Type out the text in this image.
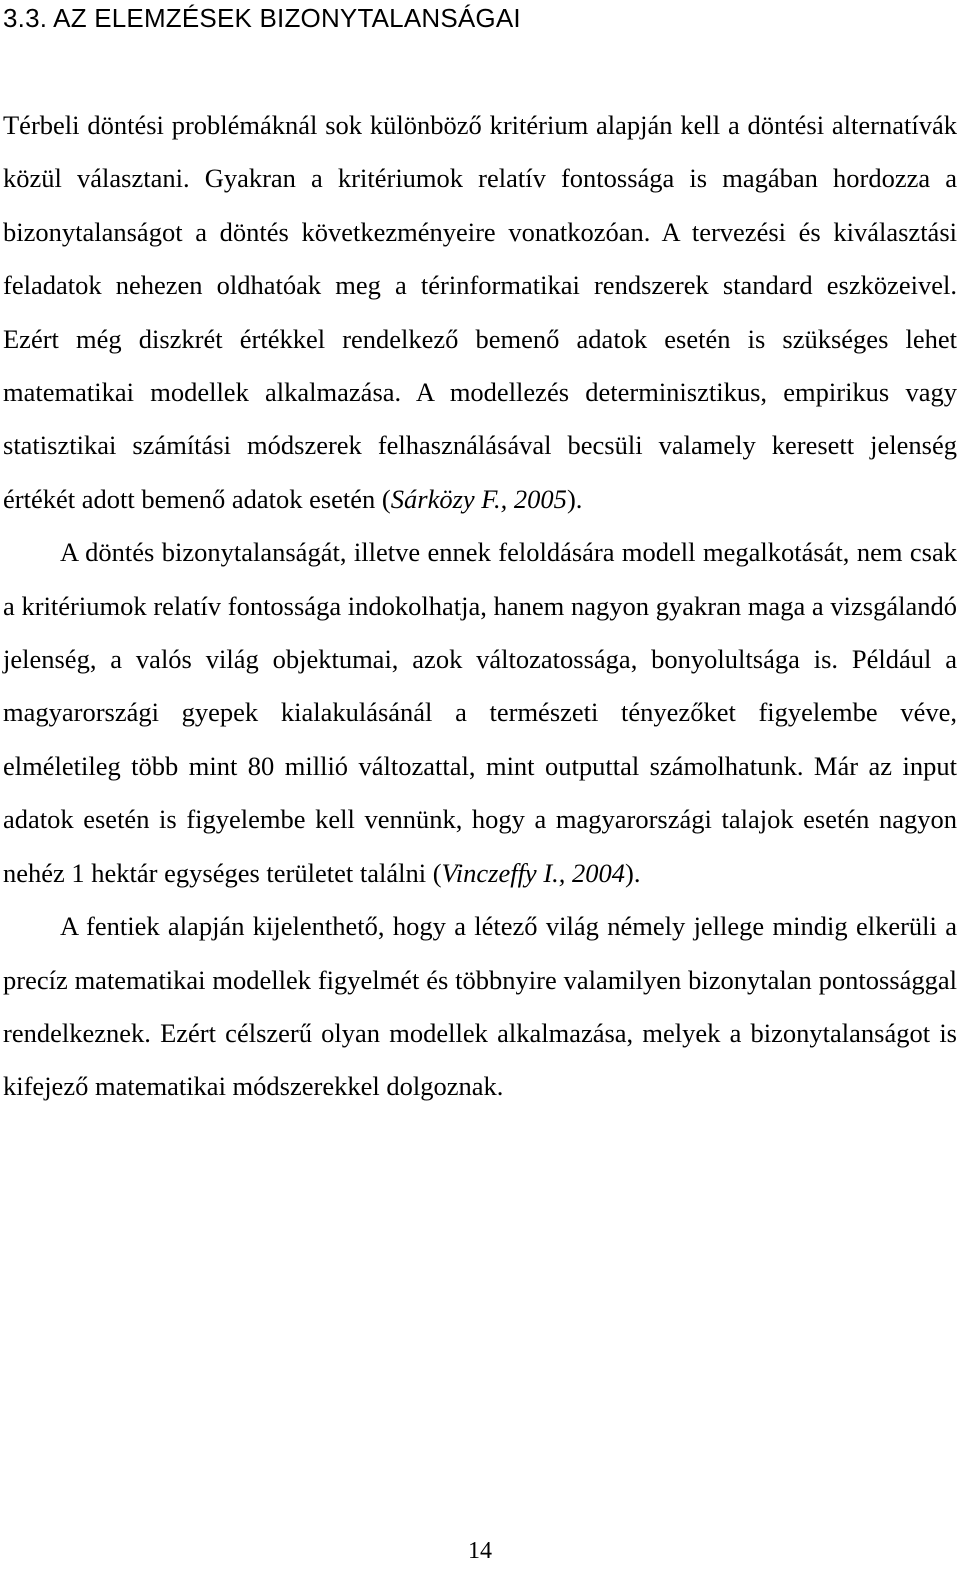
3.3. AZ ELEMZÉSEK BIZONYTALANSÁGAI

Térbeli döntési problémáknál sok különböző kritérium alapján kell a döntési alternatívák közül választani. Gyakran a kritériumok relatív fontossága is magában hordozza a bizonytalanságot a döntés következményeire vonatkozóan. A tervezési és kiválasztási feladatok nehezen oldhatóak meg a térinformatikai rendszerek standard eszközeivel. Ezért még diszkrét értékkel rendelkező bemenő adatok esetén is szükséges lehet matematikai modellek alkalmazása. A modellezés determinisztikus, empirikus vagy statisztikai számítási módszerek felhasználásával becsüli valamely keresett jelenség értékét adott bemenő adatok esetén (Sárközy F., 2005).

A döntés bizonytalanságát, illetve ennek feloldására modell megalkotását, nem csak a kritériumok relatív fontossága indokolhatja, hanem nagyon gyakran maga a vizsgálandó jelenség, a valós világ objektumai, azok változatossága, bonyolultsága is. Például a magyarországi gyepek kialakulásánál a természeti tényezőket figyelembe véve, elméletileg több mint 80 millió változattal, mint outputtal számolhatunk. Már az input adatok esetén is figyelembe kell vennünk, hogy a magyarországi talajok esetén nagyon nehéz 1 hektár egységes területet találni (Vinczeffy I., 2004).

A fentiek alapján kijelenthető, hogy a létező világ némely jellege mindig elkerüli a precíz matematikai modellek figyelmét és többnyire valamilyen bizonytalan pontossággal rendelkeznek. Ezért célszerű olyan modellek alkalmazása, melyek a bizonytalanságot is kifejező matematikai módszerekkel dolgoznak.

14
